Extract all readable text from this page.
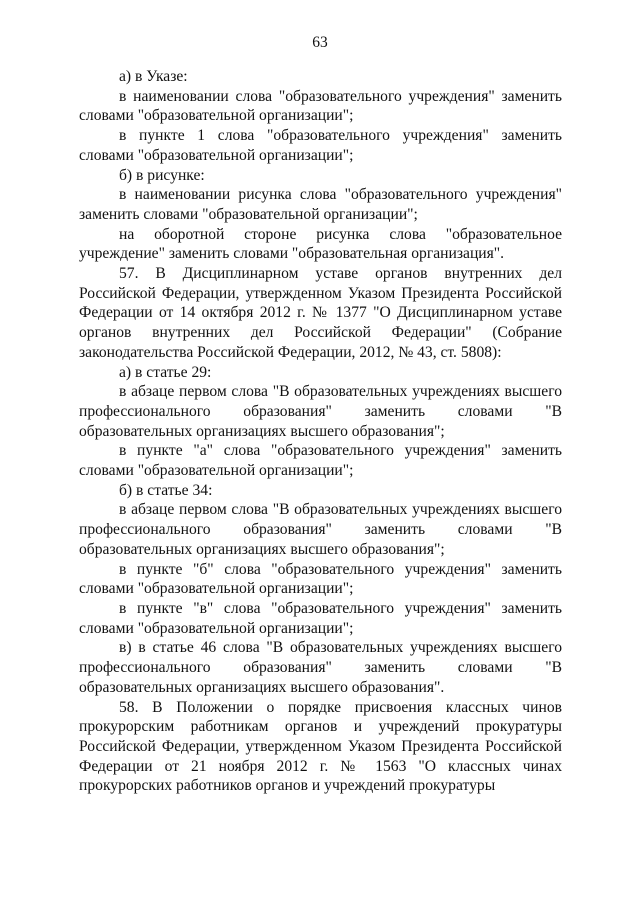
63

а) в Указе:

в наименовании слова "образовательного учреждения" заменить словами "образовательной организации";

в пункте 1 слова "образовательного учреждения" заменить словами "образовательной организации";

б) в рисунке:

в наименовании рисунка слова "образовательного учреждения" заменить словами "образовательной организации";

на оборотной стороне рисунка слова "образовательное учреждение" заменить словами "образовательная организация".

57. В Дисциплинарном уставе органов внутренних дел Российской Федерации, утвержденном Указом Президента Российской Федерации от 14 октября 2012 г. № 1377 "О Дисциплинарном уставе органов внутренних дел Российской Федерации" (Собрание законодательства Российской Федерации, 2012, № 43, ст. 5808):

а) в статье 29:

в абзаце первом слова "В образовательных учреждениях высшего профессионального образования" заменить словами "В образовательных организациях высшего образования";

в пункте "а" слова "образовательного учреждения" заменить словами "образовательной организации";

б) в статье 34:

в абзаце первом слова "В образовательных учреждениях высшего профессионального образования" заменить словами "В образовательных организациях высшего образования";

в пункте "б" слова "образовательного учреждения" заменить словами "образовательной организации";

в пункте "в" слова "образовательного учреждения" заменить словами "образовательной организации";

в) в статье 46 слова "В образовательных учреждениях высшего профессионального образования" заменить словами "В образовательных организациях высшего образования".

58. В Положении о порядке присвоения классных чинов прокурорским работникам органов и учреждений прокуратуры Российской Федерации, утвержденном Указом Президента Российской Федерации от 21 ноября 2012 г. № 1563 "О классных чинах прокурорских работников органов и учреждений прокуратуры
